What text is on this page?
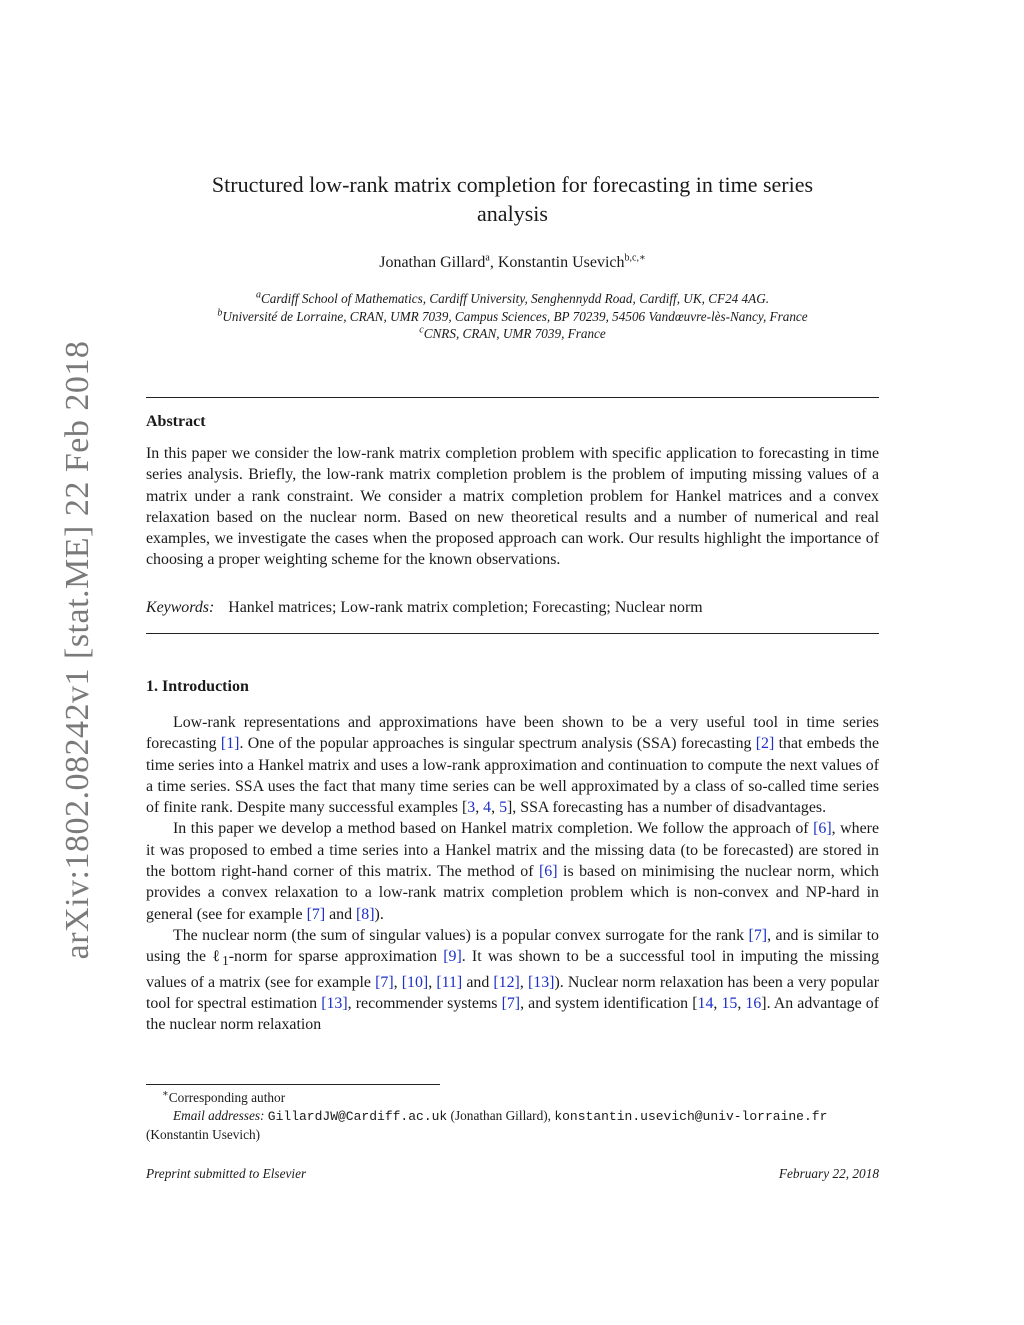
arXiv:1802.08242v1 [stat.ME] 22 Feb 2018
Structured low-rank matrix completion for forecasting in time series
analysis
Jonathan Gillard$^a$, Konstantin Usevich$^{b,c,∗}$
$^a$Cardiff School of Mathematics, Cardiff University, Senghennydd Road, Cardiff, UK, CF24 4AG.
$^b$Université de Lorraine, CRAN, UMR 7039, Campus Sciences, BP 70239, 54506 Vandœuvre-lès-Nancy, France
$^c$CNRS, CRAN, UMR 7039, France
Abstract
In this paper we consider the low-rank matrix completion problem with specific application to forecasting in time series analysis. Briefly, the low-rank matrix completion problem is the problem of imputing missing values of a matrix under a rank constraint. We consider a matrix completion problem for Hankel matrices and a convex relaxation based on the nuclear norm. Based on new theoretical results and a number of numerical and real examples, we investigate the cases when the proposed approach can work. Our results highlight the importance of choosing a proper weighting scheme for the known observations.
Keywords: Hankel matrices; Low-rank matrix completion; Forecasting; Nuclear norm
1. Introduction

Low-rank representations and approximations have been shown to be a very useful tool in time series forecasting [1]. One of the popular approaches is singular spectrum analysis (SSA) forecasting [2] that embeds the time series into a Hankel matrix and uses a low-rank approximation and continuation to compute the next values of a time series. SSA uses the fact that many time series can be well approximated by a class of so-called time series of finite rank. Despite many successful examples [3, 4, 5], SSA forecasting has a number of disadvantages.

In this paper we develop a method based on Hankel matrix completion. We follow the approach of [6], where it was proposed to embed a time series into a Hankel matrix and the missing data (to be forecasted) are stored in the bottom right-hand corner of this matrix. The method of [6] is based on minimising the nuclear norm, which provides a convex relaxation to a low-rank matrix completion problem which is non-convex and NP-hard in general (see for example [7] and [8]).

The nuclear norm (the sum of singular values) is a popular convex surrogate for the rank [7], and is similar to using the ℓ$_1$-norm for sparse approximation [9]. It was shown to be a successful tool in imputing the missing values of a matrix (see for example [7], [10], [11] and [12], [13]). Nuclear norm relaxation has been a very popular tool for spectral estimation [13], recommender systems [7], and system identification [14, 15, 16]. An advantage of the nuclear norm relaxation

∗Corresponding author
Email addresses: GillardJW@Cardiff.ac.uk (Jonathan Gillard), konstantin.usevich@univ-lorraine.fr
(Konstantin Usevich)
Preprint submitted to Elsevier	February 22, 2018
